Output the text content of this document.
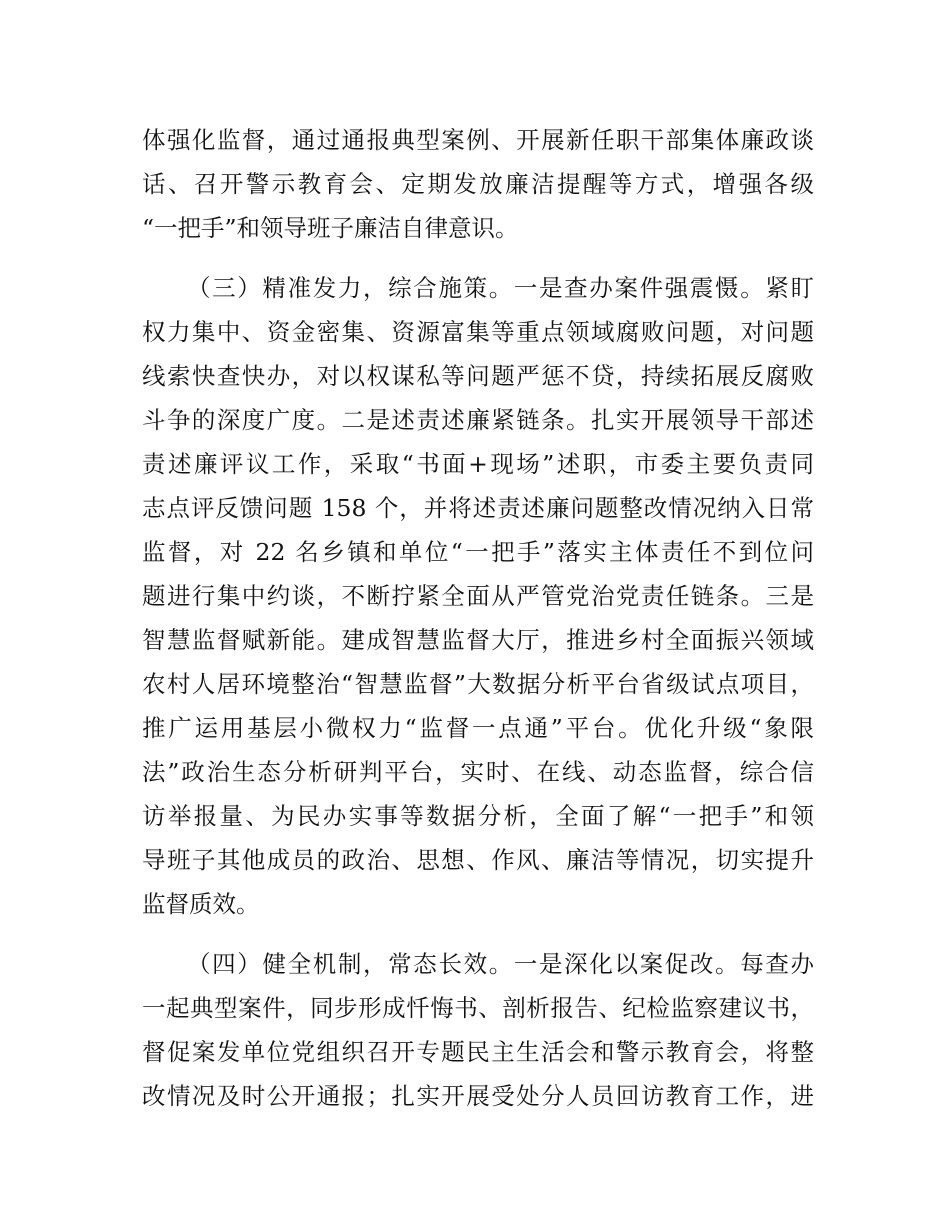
体强化监督，通过通报典型案例、开展新任职干部集体廉政谈
话、召开警示教育会、定期发放廉洁提醒等方式，增强各级
“一把手”和领导班子廉洁自律意识。
（三）精准发力，综合施策。一是查办案件强震慑。紧盯
权力集中、资金密集、资源富集等重点领域腐败问题，对问题
线索快查快办，对以权谋私等问题严惩不贷，持续拓展反腐败
斗争的深度广度。二是述责述廉紧链条。扎实开展领导干部述
责述廉评议工作，采取“书面+现场”述职，市委主要负责同
志点评反馈问题 158 个，并将述责述廉问题整改情况纳入日常
监督，对 22 名乡镇和单位“一把手”落实主体责任不到位问
题进行集中约谈，不断拧紧全面从严管党治党责任链条。三是
智慧监督赋新能。建成智慧监督大厅，推进乡村全面振兴领域
农村人居环境整治“智慧监督”大数据分析平台省级试点项目，
推广运用基层小微权力“监督一点通”平台。优化升级“象限
法”政治生态分析研判平台，实时、在线、动态监督，综合信
访举报量、为民办实事等数据分析，全面了解“一把手”和领
导班子其他成员的政治、思想、作风、廉洁等情况，切实提升
监督质效。
（四）健全机制，常态长效。一是深化以案促改。每查办
一起典型案件，同步形成忏悔书、剖析报告、纪检监察建议书，
督促案发单位党组织召开专题民主生活会和警示教育会，将整
改情况及时公开通报；扎实开展受处分人员回访教育工作，进
